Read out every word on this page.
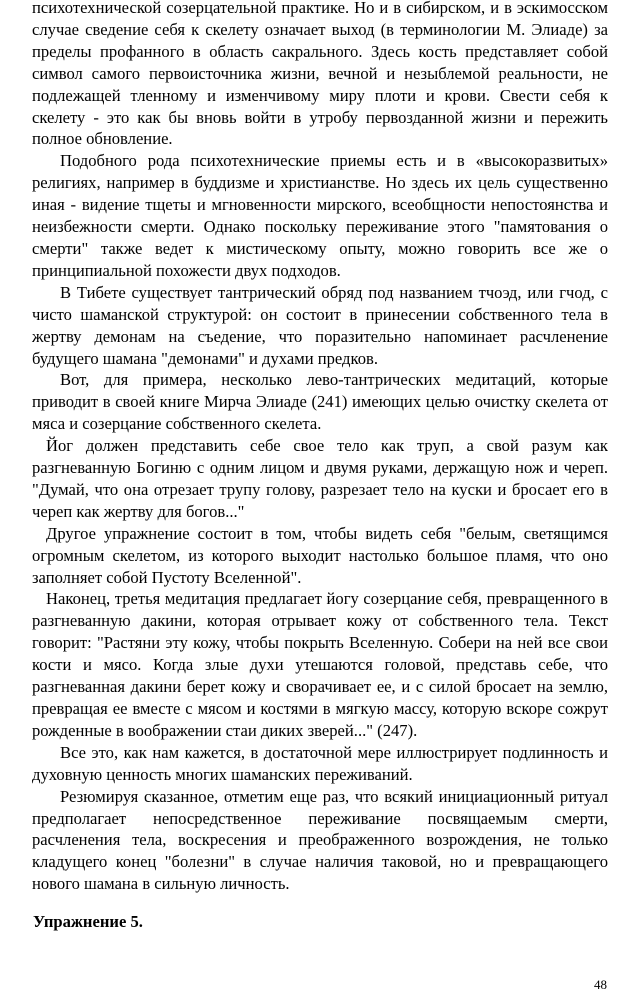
психотехнической созерцательной практике. Но и в сибирском, и в эскимосском случае сведение себя к скелету означает выход (в терминологии М. Элиаде) за пределы профанного в область сакрального. Здесь кость представляет собой символ самого первоисточника жизни, вечной и незыблемой реальности, не подлежащей тленному и изменчивому миру плоти и крови. Свести себя к скелету - это как бы вновь войти в утробу первозданной жизни и пережить полное обновление.

Подобного рода психотехнические приемы есть и в «высокоразвитых» религиях, например в буддизме и христианстве. Но здесь их цель существенно иная - видение тщеты и мгновенности мирского, всеобщности непостоянства и неизбежности смерти. Однако поскольку переживание этого "памятования о смерти" также ведет к мистическому опыту, можно говорить все же о принципиальной похожести двух подходов.

В Тибете существует тантрический обряд под названием тчоэд, или гчод, с чисто шаманской структурой: он состоит в принесении собственного тела в жертву демонам на съедение, что поразительно напоминает расчленение будущего шамана "демонами" и духами предков.

Вот, для примера, несколько лево-тантрических медитаций, которые приводит в своей книге Мирча Элиаде (241) имеющих целью очистку скелета от мяса и созерцание собственного скелета.

Йог должен представить себе свое тело как труп, а свой разум как разгневанную Богиню с одним лицом и двумя руками, держащую нож и череп. "Думай, что она отрезает трупу голову, разрезает тело на куски и бросает его в череп как жертву для богов..."

Другое упражнение состоит в том, чтобы видеть себя "белым, светящимся огромным скелетом, из которого выходит настолько большое пламя, что оно заполняет собой Пустоту Вселенной".

Наконец, третья медитация предлагает йогу созерцание себя, превращенного в разгневанную дакини, которая отрывает кожу от собственного тела. Текст говорит: "Растяни эту кожу, чтобы покрыть Вселенную. Собери на ней все свои кости и мясо. Когда злые духи утешаются головой, представь себе, что разгневанная дакини берет кожу и сворачивает ее, и с силой бросает на землю, превращая ее вместе с мясом и костями в мягкую массу, которую вскоре сожрут рожденные в воображении стаи диких зверей..." (247).

Все это, как нам кажется, в достаточной мере иллюстрирует подлинность и духовную ценность многих шаманских переживаний.

Резюмируя сказанное, отметим еще раз, что всякий инициационный ритуал предполагает непосредственное переживание посвящаемым смерти, расчленения тела, воскресения и преображенного возрождения, не только кладущего конец "болезни" в случае наличия таковой, но и превращающего нового шамана в сильную личность.

Упражнение 5.

48
